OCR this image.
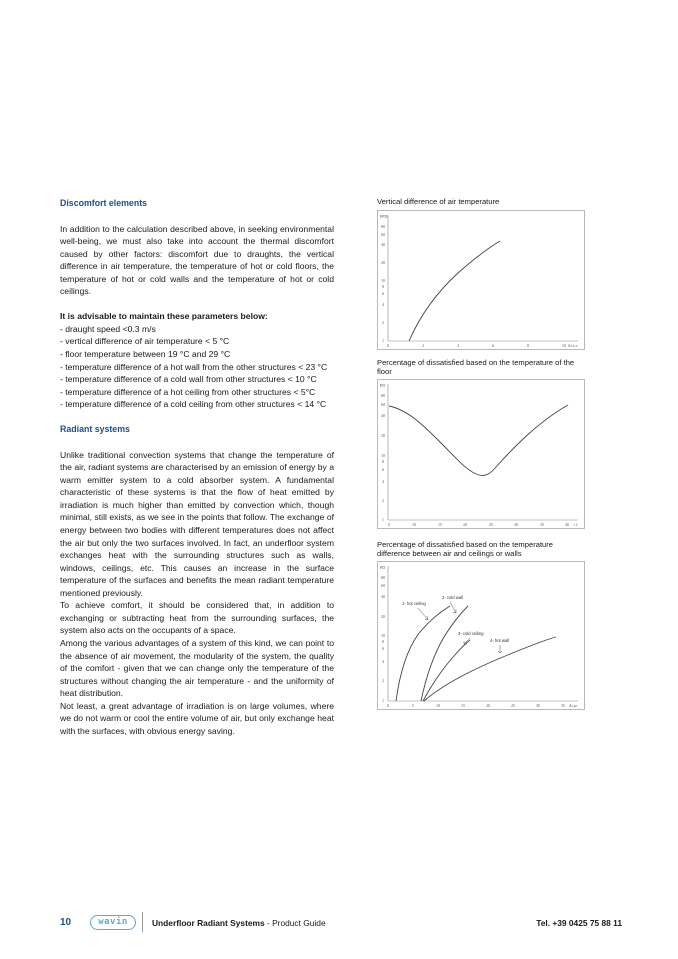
Discomfort elements

In addition to the calculation described above, in seeking environmental well-being, we must also take into account the thermal discomfort caused by other factors: discomfort due to draughts, the vertical difference in air temperature, the temperature of hot or cold floors, the temperature of hot or cold walls and the temperature of hot or cold ceilings.

It is advisable to maintain these parameters below:
- draught speed <0.3 m/s
- vertical difference of air temperature < 5 °C
- floor temperature between 19 °C and 29 °C
- temperature difference of a hot wall from the other structures < 23 °C
- temperature difference of a cold wall from other structures < 10 °C
- temperature difference of a hot ceiling from other structures < 5°C
- temperature difference of a cold ceiling from other structures < 14 °C
Radiant systems

Unlike traditional convection systems that change the temperature of the air, radiant systems are characterised by an emission of energy by a warm emitter system to a cold absorber system. A fundamental characteristic of these systems is that the flow of heat emitted by irradiation is much higher than emitted by convection which, though minimal, still exists, as we see in the points that follow. The exchange of energy between two bodies with different temperatures does not affect the air but only the two surfaces involved. In fact, an underfloor system exchanges heat with the surrounding structures such as walls, windows, ceilings, etc. This causes an increase in the surface temperature of the surfaces and benefits the mean radiant temperature mentioned previously.

To achieve comfort, it should be considered that, in addition to exchanging or subtracting heat from the surrounding surfaces, the system also acts on the occupants of a space.

Among the various advantages of a system of this kind, we can point to the absence of air movement, the modularity of the system, the quality of the comfort - given that we can change only the temperature of the structures without changing the air temperature - and the uniformity of heat distribution.

Not least, a great advantage of irradiation is on large volumes, where we do not warm or cool the entire volume of air, but only exchange heat with the surfaces, with obvious energy saving.

Vertical difference of air temperature
PPD
80
60
40
20
10
8
6
4
2
1
0	2	4	6	8	10 Δt a,v
Percentage of dissatisfied based on the temperature of the floor
PD
80
60
40
20
10
8
6
4
2
1
5	10	15	20	25	30	35	40 t f
Percentage of dissatisfied based on the temperature difference between air and ceilings or walls
PD
80
60
40
20
10
8
6
4
2
1
0	5	10	15	20	25	30	35 Δt pr
1- hot ceiling
2- cold wall
3- cold ceiling
4- hot wall
10	wavin	Underfloor Radiant Systems - Product Guide	Tel. +39 0425 75 88 11
